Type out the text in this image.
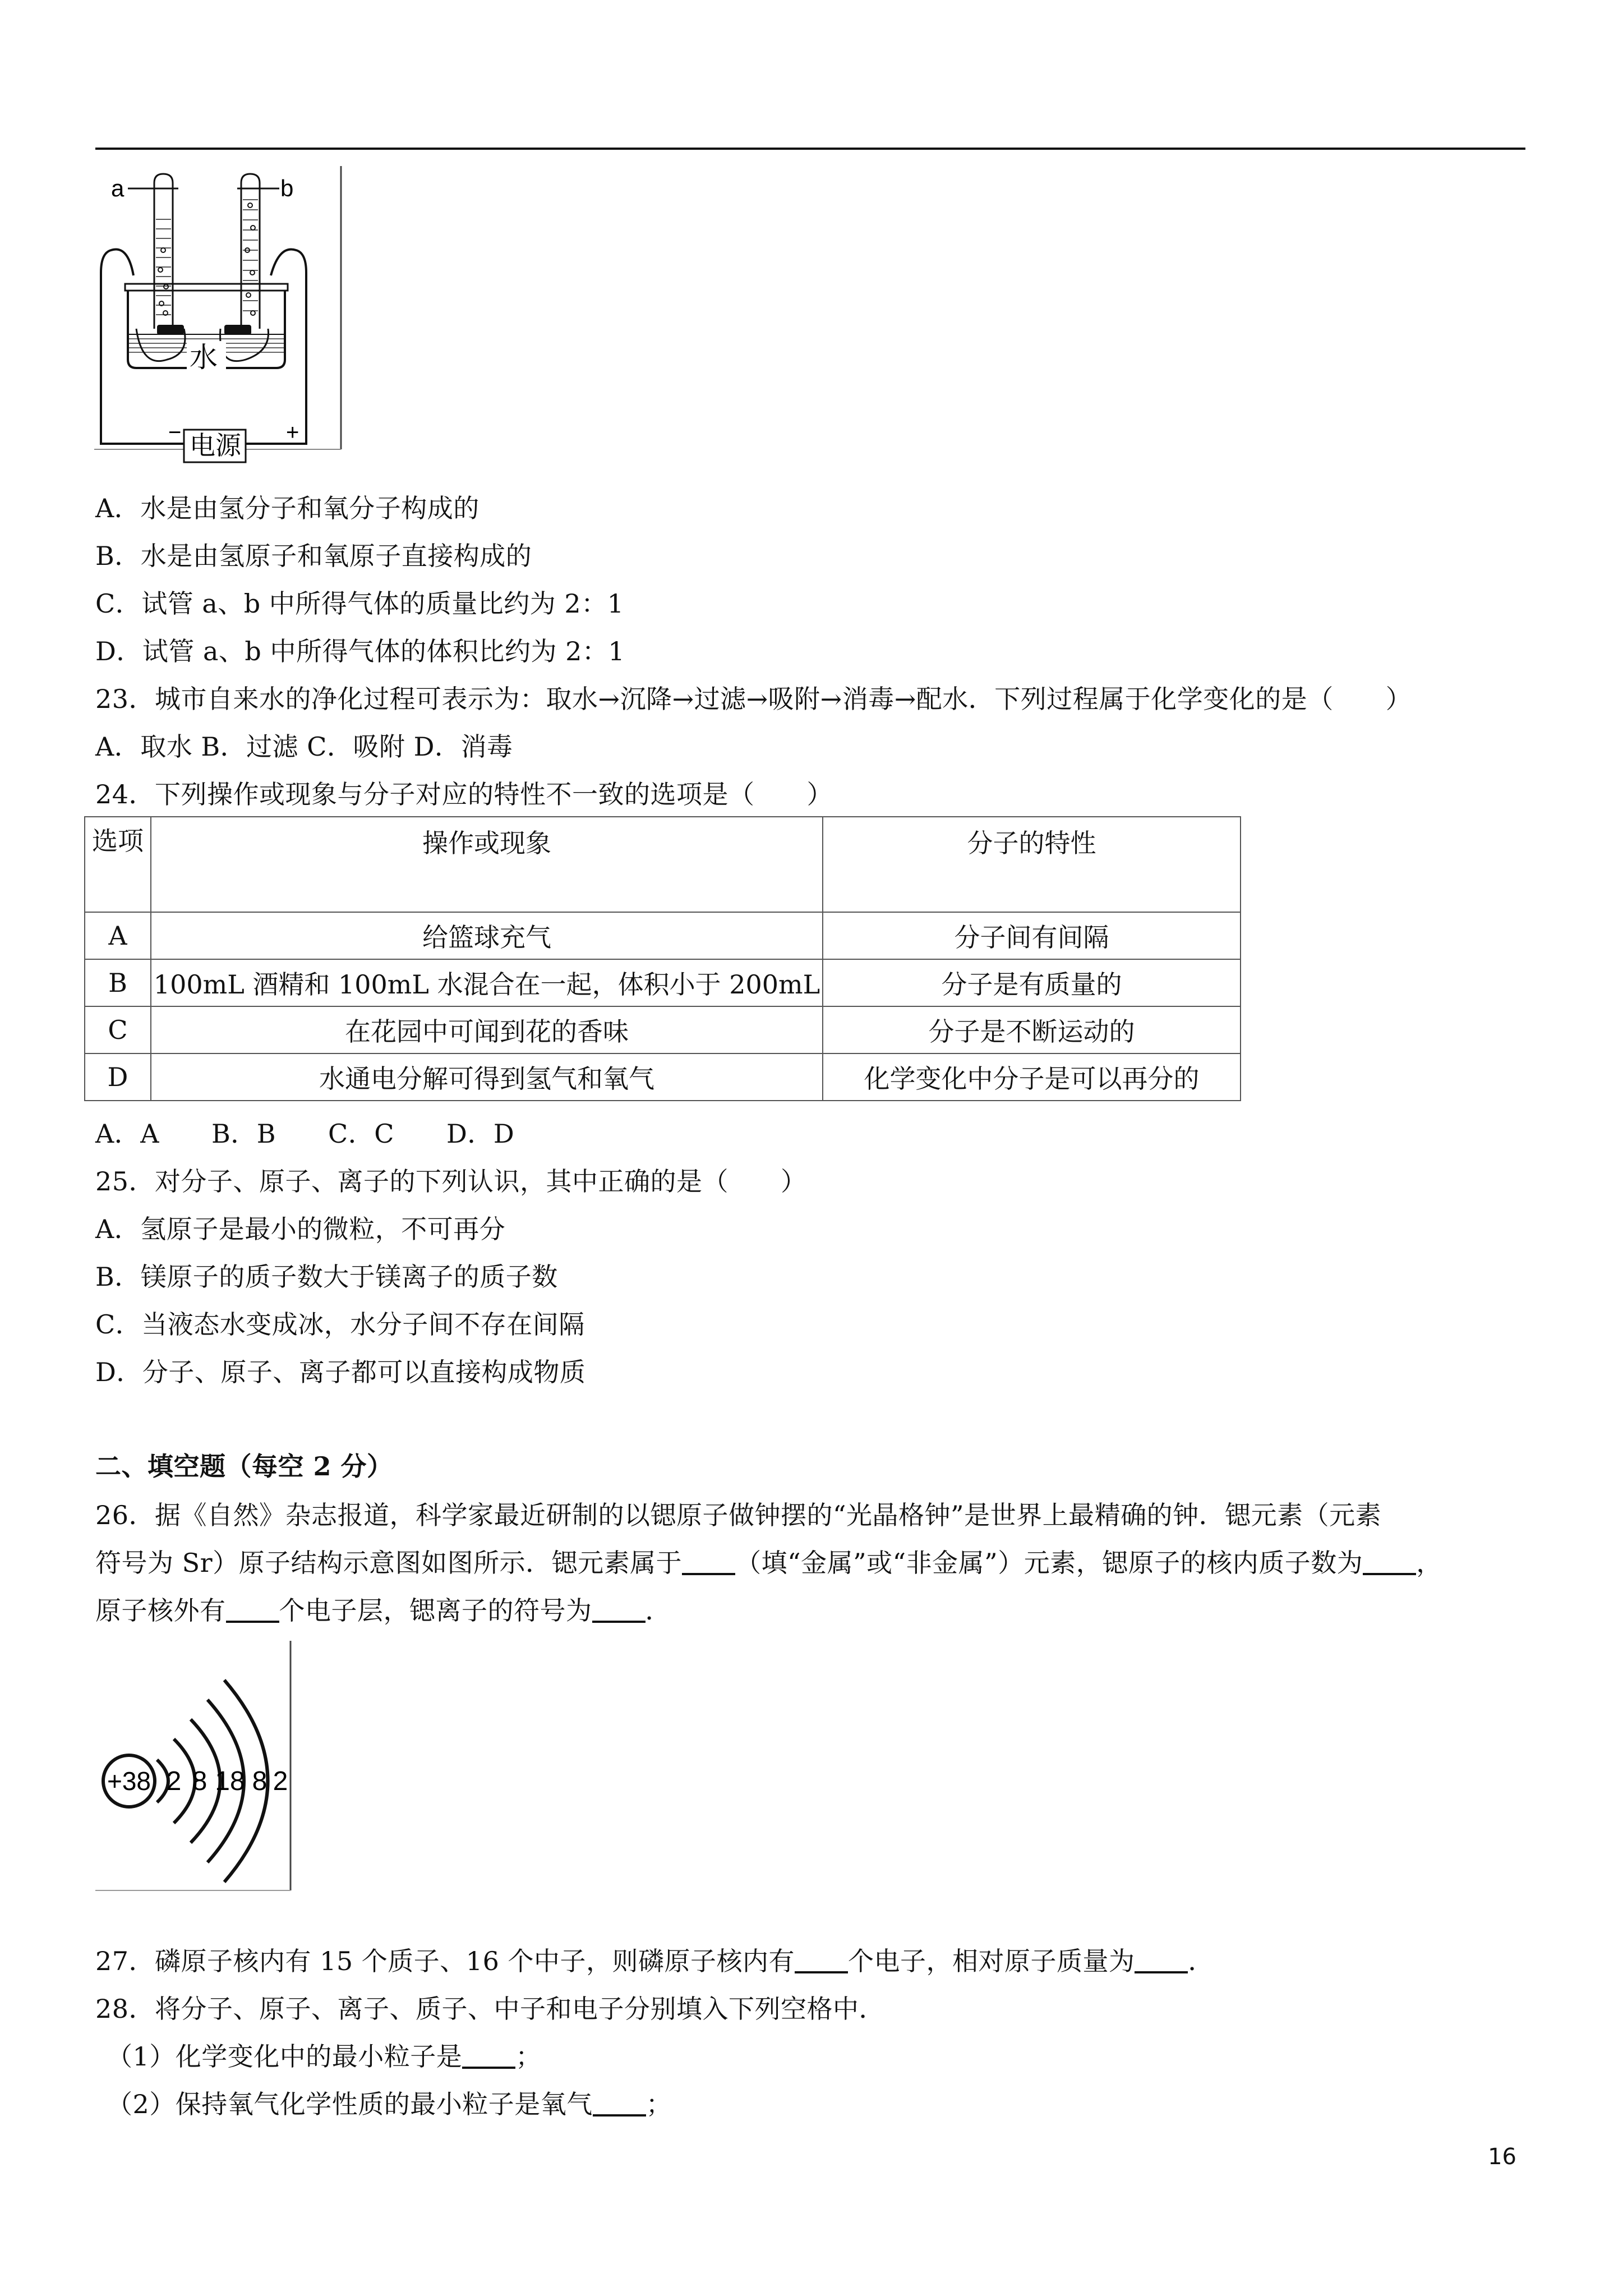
a	b
水
−	+
电源
A．水是由氢分子和氧分子构成的
B．水是由氢原子和氧原子直接构成的
C．试管 a、b 中所得气体的质量比约为 2：1
D．试管 a、b 中所得气体的体积比约为 2：1
23．城市自来水的净化过程可表示为：取水→沉降→过滤→吸附→消毒→配水．下列过程属于化学变化的是（　　）
A．取水 B．过滤 C．吸附 D．消毒
24．下列操作或现象与分子对应的特性不一致的选项是（　　）
选项	操作或现象	分子的特性
A	给篮球充气	分子间有间隔
B	100mL 酒精和 100mL 水混合在一起，体积小于 200mL	分子是有质量的
C	在花园中可闻到花的香味	分子是不断运动的
D	水通电分解可得到氢气和氧气	化学变化中分子是可以再分的
A．A　　B．B　　C．C　　D．D
25．对分子、原子、离子的下列认识，其中正确的是（　　）
A．氢原子是最小的微粒，不可再分
B．镁原子的质子数大于镁离子的质子数
C．当液态水变成冰，水分子间不存在间隔
D．分子、原子、离子都可以直接构成物质
二、填空题（每空 2 分）
26．据《自然》杂志报道，科学家最近研制的以锶原子做钟摆的“光晶格钟”是世界上最精确的钟．锶元素（元素
符号为 Sr）原子结构示意图如图所示．锶元素属于 （填“金属”或“非金属”）元素，锶原子的核内质子数为 ，
原子核外有 个电子层，锶离子的符号为 ．
+38 2 8 18 8 2
27．磷原子核内有 15 个质子、16 个中子，则磷原子核内有 个电子，相对原子质量为 ．
28．将分子、原子、离子、质子、中子和电子分别填入下列空格中．
（1）化学变化中的最小粒子是 ；
（2）保持氧气化学性质的最小粒子是氧气 ；
16
